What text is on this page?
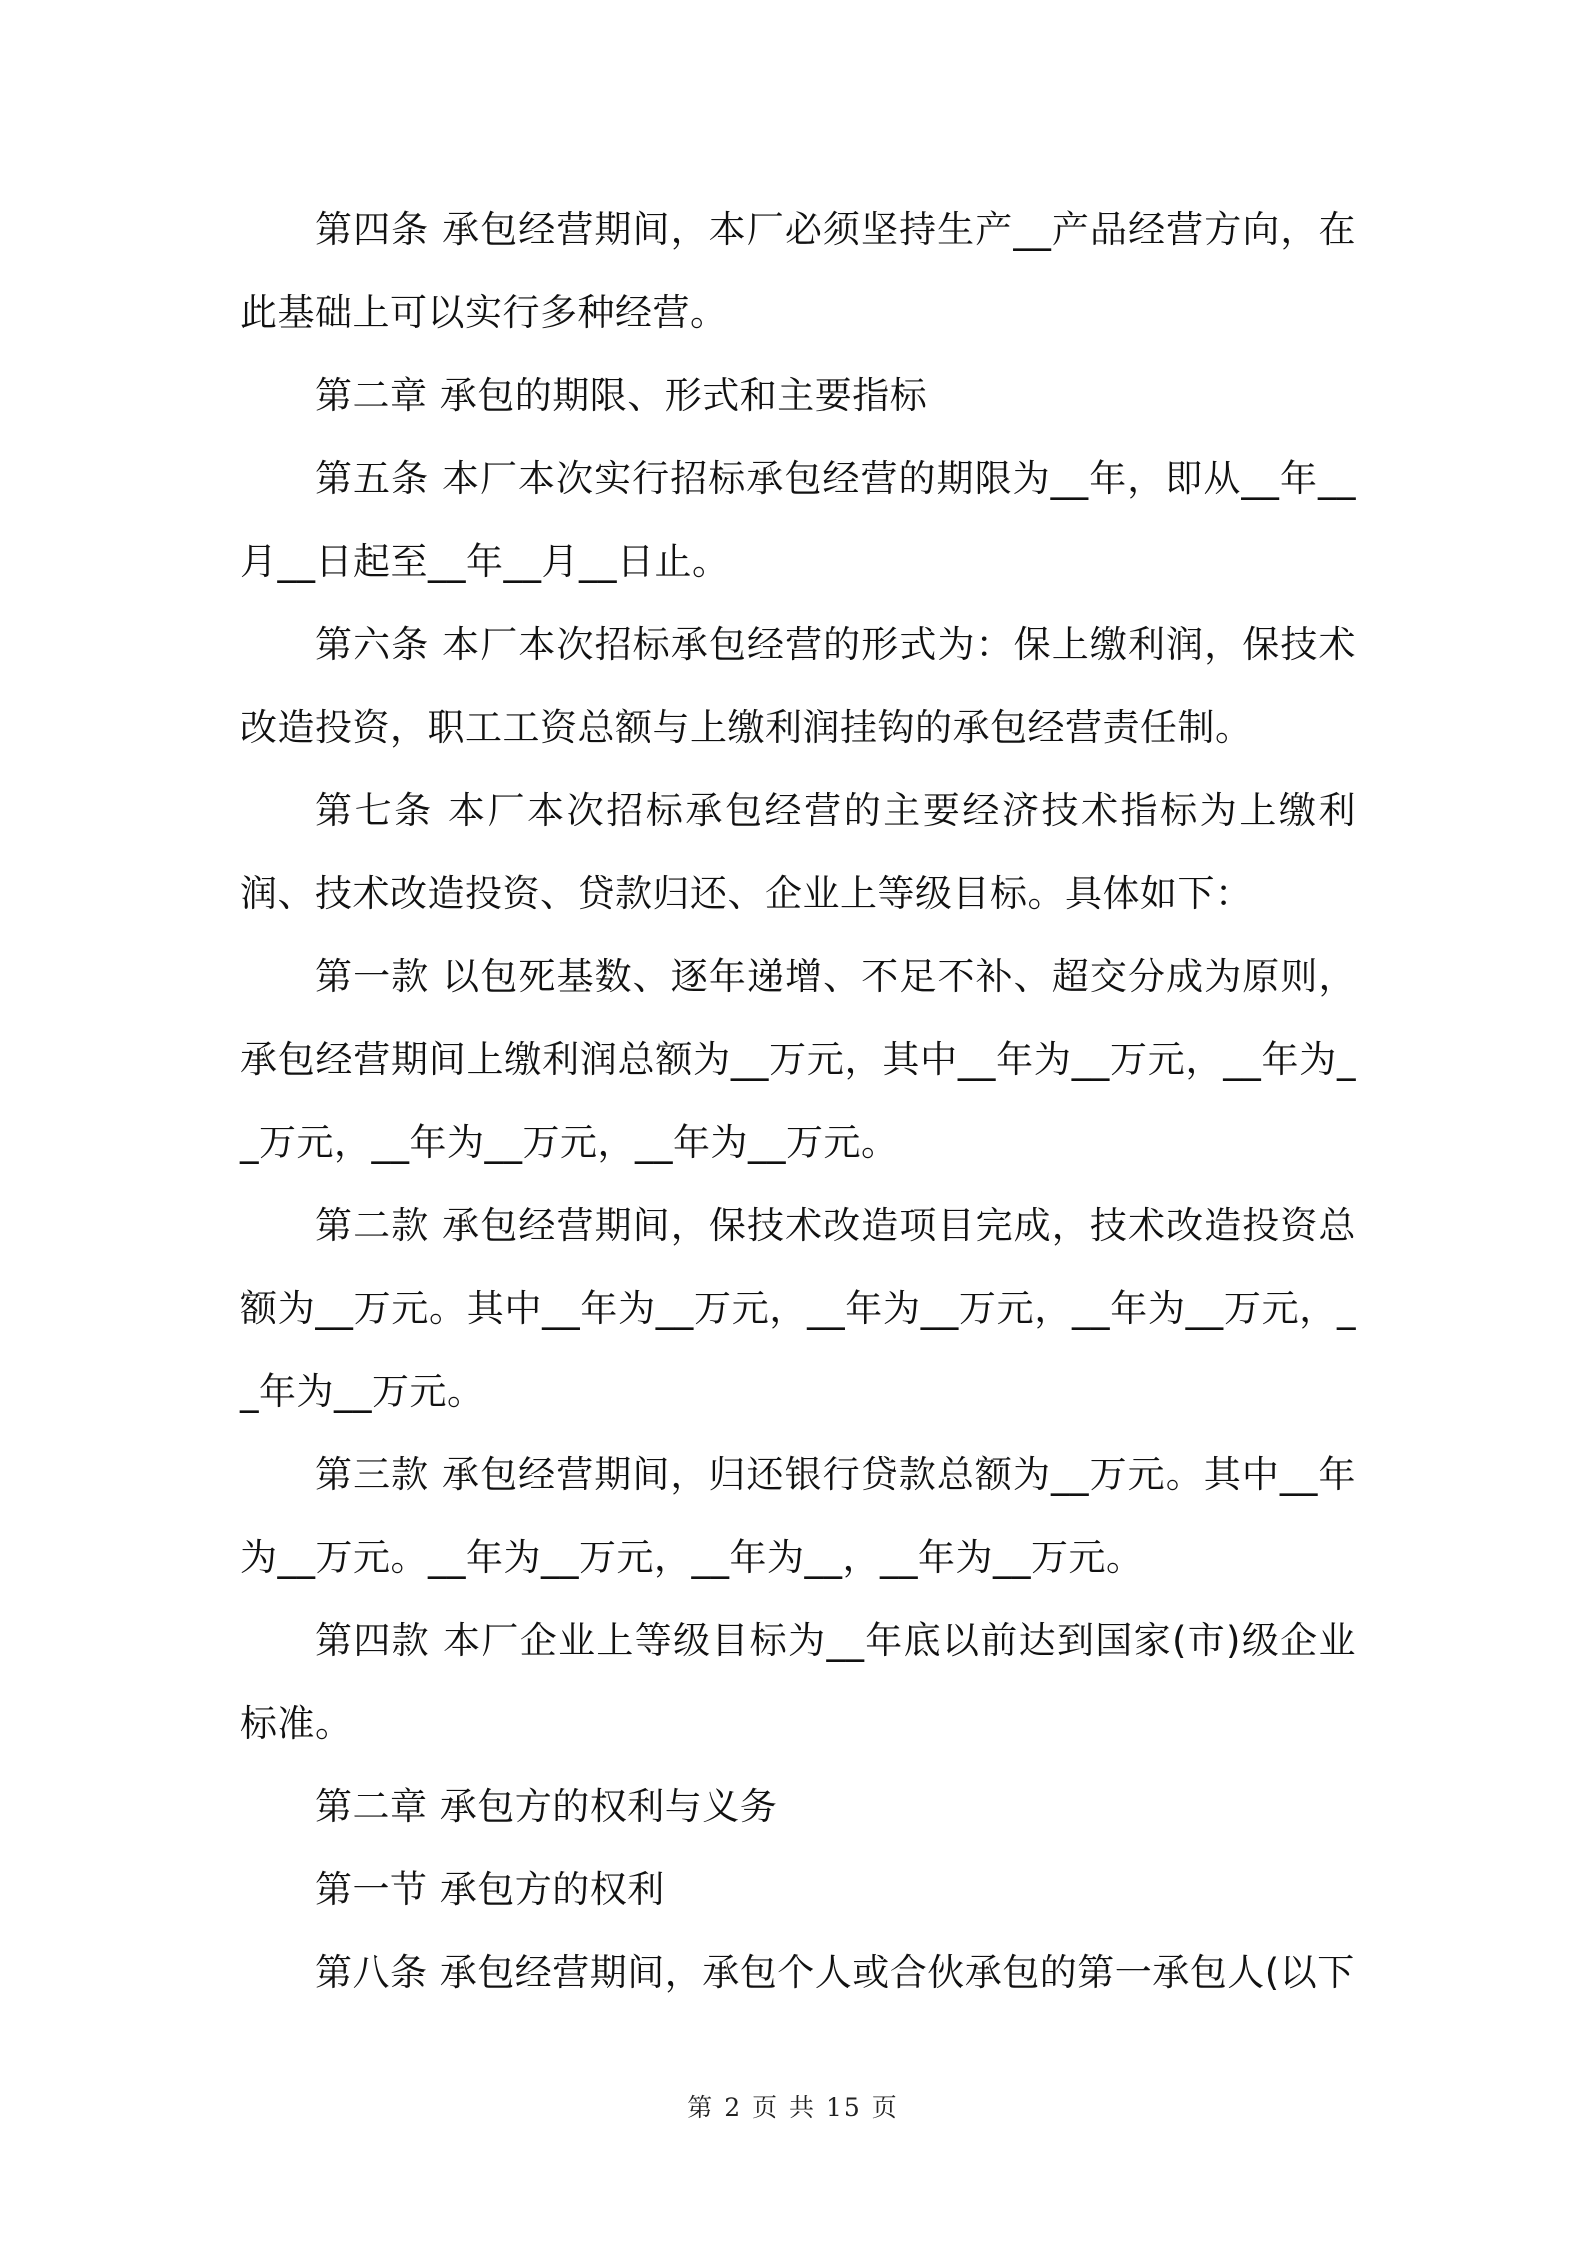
第四条 承包经营期间，本厂必须坚持生产__产品经营方向，在此基础上可以实行多种经营。

第二章 承包的期限、形式和主要指标

第五条 本厂本次实行招标承包经营的期限为__年，即从__年__月__日起至__年__月__日止。

第六条 本厂本次招标承包经营的形式为：保上缴利润，保技术改造投资，职工工资总额与上缴利润挂钩的承包经营责任制。

第七条 本厂本次招标承包经营的主要经济技术指标为上缴利润、技术改造投资、贷款归还、企业上等级目标。具体如下：

第一款 以包死基数、逐年递增、不足不补、超交分成为原则，承包经营期间上缴利润总额为__万元，其中__年为__万元，__年为__万元，__年为__万元，__年为__万元。

第二款 承包经营期间，保技术改造项目完成，技术改造投资总额为__万元。其中__年为__万元，__年为__万元，__年为__万元，__年为__万元。

第三款 承包经营期间，归还银行贷款总额为__万元。其中__年为__万元。__年为__万元，__年为__，__年为__万元。

第四款 本厂企业上等级目标为__年底以前达到国家(市)级企业标准。

第二章 承包方的权利与义务

第一节 承包方的权利

第八条 承包经营期间，承包个人或合伙承包的第一承包人(以下

第 2 页 共 15 页
